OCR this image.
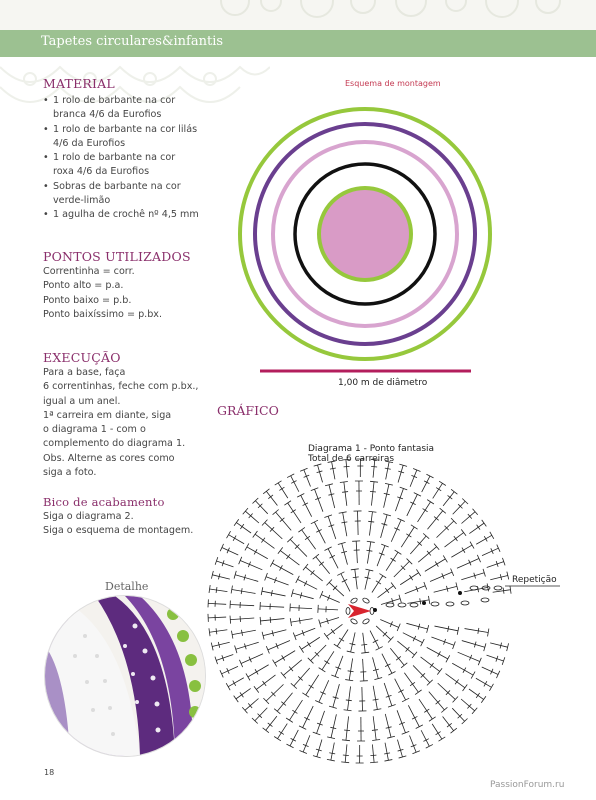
Tapetes circulares&infantis
MATERIAL
• 1 rolo de barbante na cor
branca 4/6 da Eurofios
• 1 rolo de barbante na cor lilás
4/6 da Eurofios
• 1 rolo de barbante na cor
roxa 4/6 da Eurofios
• Sobras de barbante na cor
verde-limão
• 1 agulha de crochê nº 4,5 mm
PONTOS UTILIZADOS
Correntinha = corr.
Ponto alto = p.a.
Ponto baixo = p.b.
Ponto baixíssimo = p.bx.
EXECUÇÃO
Para a base, faça
6 correntinhas, feche com p.bx.,
igual a um anel.
1ª carreira em diante, siga
o diagrama 1 - com o
complemento do diagrama 1.
Obs. Alterne as cores como
siga a foto.
Bico de acabamento
Siga o diagrama 2.
Siga o esquema de montagem.
Detalhe
Esquema de montagem
1,00 m de diâmetro
GRÁFICO
Diagrama 1 - Ponto fantasia
Total de 6 carreiras
Repetição
18
PassionForum.ru
